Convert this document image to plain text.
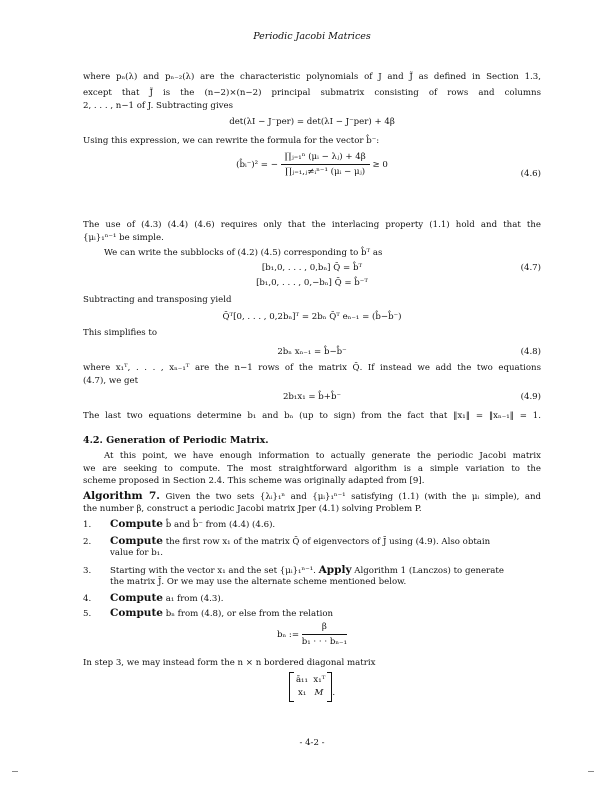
Periodic Jacobi Matrices
where pₙ(λ) and pₙ₋₂(λ) are the characteristic polynomials of J and J̃ as defined in Section 1.3,
except that J̃ is the (n−2)×(n−2) principal submatrix consisting of rows and columns
2, . . . , n−1 of J. Subtracting gives
det(λI − J⁻per) = det(λI − J⁻per) + 4β
Using this expression, we can rewrite the formula for the vector b̂⁻:
(b̂ᵢ⁻)² = − $\frac{\text{∏ⱼ₌₁ⁿ (μᵢ − λⱼ) + 4β}}{\text{∏ⱼ₌₁,ⱼ≠ᵢⁿ⁻¹ (μᵢ − μⱼ)}} \ge 0$
(4.6)
The use of (4.3) (4.4) (4.6) requires only that the interlacing property (1.1) hold and that the
{μᵢ}₁ⁿ⁻¹ be simple.
We can write the subblocks of (4.2) (4.5) corresponding to b̂ᵀ as
[b₁,0, . . . , 0,bₙ] Q̄ = b̂ᵀ	(4.7)
[b₁,0, . . . , 0,−bₙ] Q̄ = b̂⁻ᵀ
Subtracting and transposing yield
Q̄ᵀ[0, . . . , 0,2bₙ]ᵀ = 2bₙ Q̄ᵀ eₙ₋₁ = (b̂−b̂⁻)
This simplifies to
2bₙ xₙ₋₁ = b̂−b̂⁻	(4.8)
where x₁ᵀ, . . . , xₙ₋₁ᵀ are the n−1 rows of the matrix Q̄. If instead we add the two equations
(4.7), we get
2b₁x₁ = b̂+b̂⁻	(4.9)
The last two equations determine b₁ and bₙ (up to sign) from the fact that ‖x₁‖ = ‖xₙ₋₁‖ = 1.
4.2. Generation of Periodic Matrix.
At this point, we have enough information to actually generate the periodic Jacobi matrix
we are seeking to compute. The most straightforward algorithm is a simple variation to the
scheme proposed in Section 2.4. This scheme was originally adapted from [9].
Algorithm 7. Given the two sets {λᵢ}₁ⁿ and {μᵢ}₁ⁿ⁻¹ satisfying (1.1) (with the μᵢ simple), and
the number β, construct a periodic Jacobi matrix Jper (4.1) solving Problem P.
1. Compute b̂ and b̂⁻ from (4.4) (4.6).
2. Compute the first row x₁ of the matrix Q̄ of eigenvectors of J̄ using (4.9). Also obtain
value for b₁.
3. Starting with the vector x₁ and the set {μᵢ}₁ⁿ⁻¹. Apply Algorithm 1 (Lanczos) to generate
the matrix J̄. Or we may use the alternate scheme mentioned below.
4. Compute a₁ from (4.3).
5. Compute bₙ from (4.8), or else from the relation
bₙ := $\frac{\beta}{\text{b₁ · · · bₙ₋₁}}$
In step 3, we may instead form the n × n bordered diagonal matrix
ā₁₁ x₁ᵀ
x₁ M .
- 4-2 -
